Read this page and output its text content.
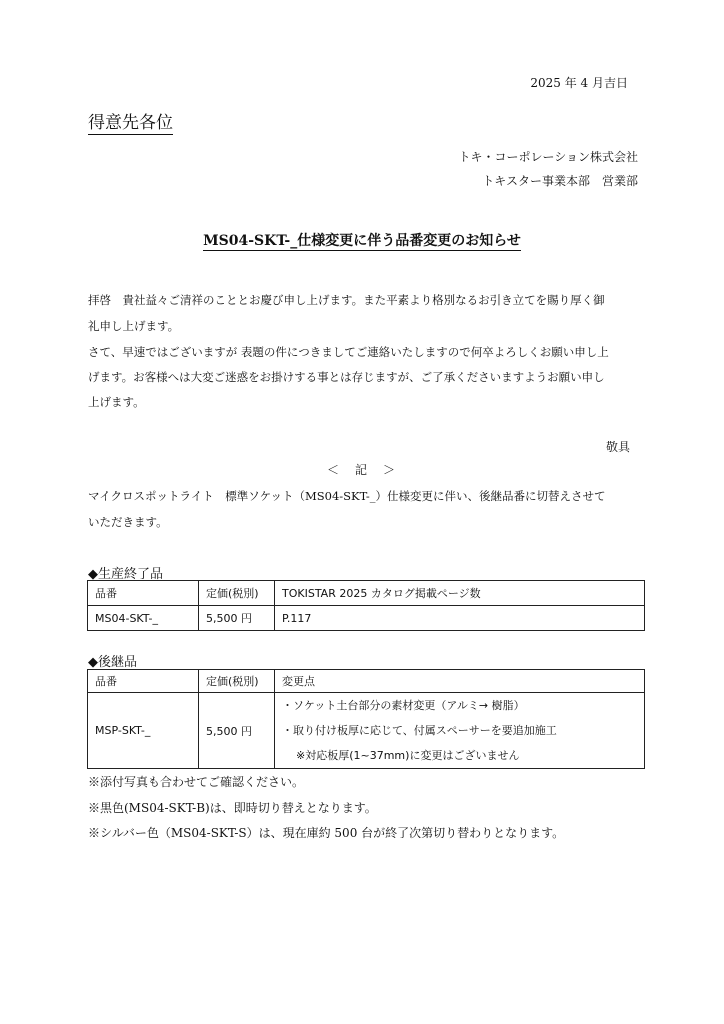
2025 年 4 月吉日
得意先各位
トキ・コーポレーション株式会社
トキスター事業本部　営業部
MS04-SKT-_仕様変更に伴う品番変更のお知らせ
拝啓　貴社益々ご清祥のこととお慶び申し上げます。また平素より格別なるお引き立てを賜り厚く御
礼申し上げます。
さて、早速ではございますが 表題の件につきましてご連絡いたしますので何卒よろしくお願い申し上
げます。お客様へは大変ご迷惑をお掛けする事とは存じますが、ご了承くださいますようお願い申し
上げます。
敬具
＜　記　＞
マイクロスポットライト　標準ソケット（MS04-SKT-_）仕様変更に伴い、後継品番に切替えさせて
いただきます。
◆生産終了品
品番	定価(税別)	TOKISTAR 2025 カタログ掲載ページ数
MS04-SKT-_	5,500 円	P.117
◆後継品
品番	定価(税別)	変更点
MSP-SKT-_	5,500 円	・ソケット土台部分の素材変更（アルミ→ 樹脂）
・取り付け板厚に応じて、付属スペーサーを要追加施工
※対応板厚(1~37mm)に変更はございません
※添付写真も合わせてご確認ください。
※黒色(MS04-SKT-B)は、即時切り替えとなります。
※シルバー色（MS04-SKT-S）は、現在庫約 500 台が終了次第切り替わりとなります。
